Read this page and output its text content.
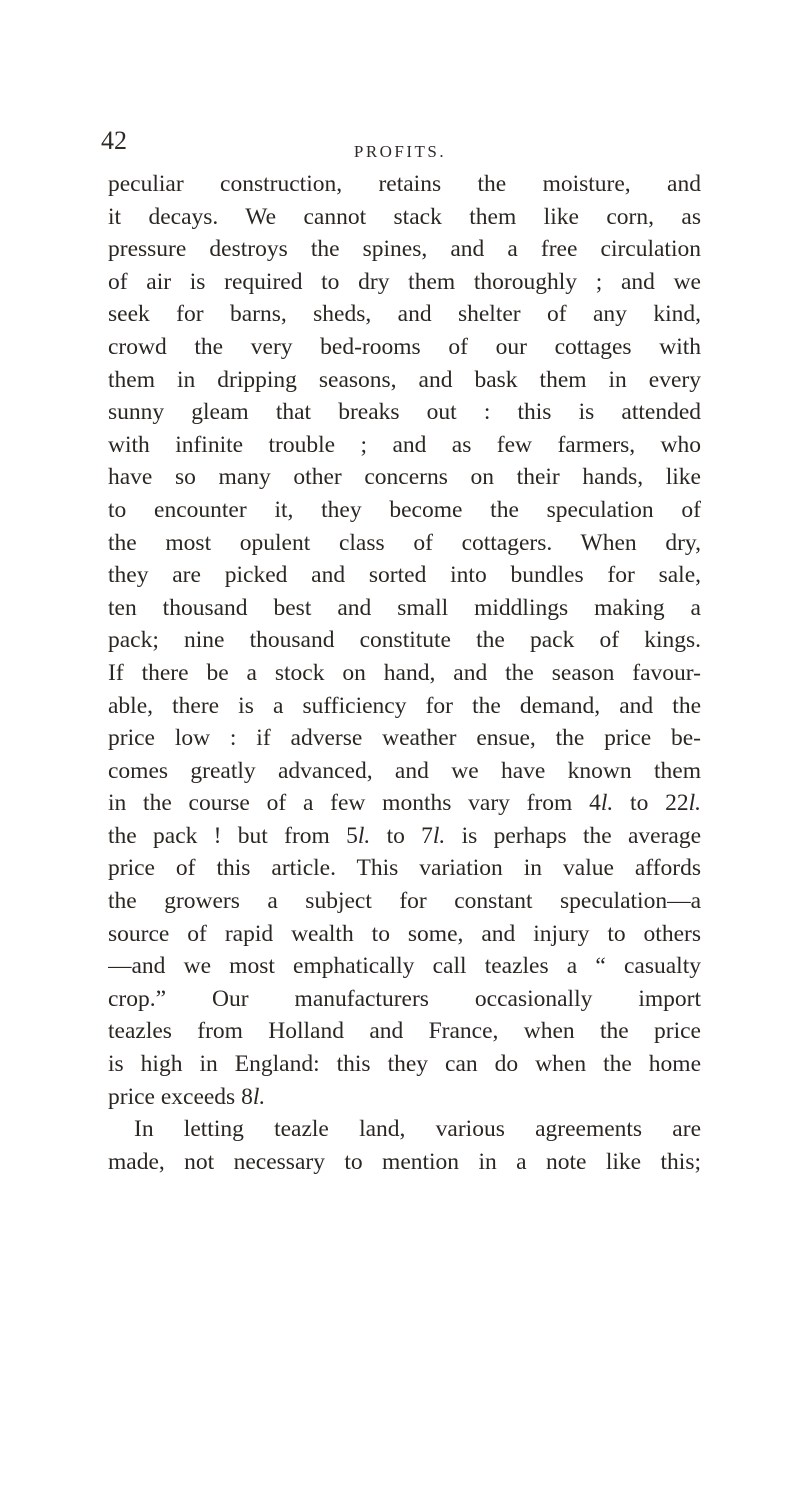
42	PROFITS.
peculiar construction, retains the moisture, and
it decays. We cannot stack them like corn, as
pressure destroys the spines, and a free circulation
of air is required to dry them thoroughly ; and we
seek for barns, sheds, and shelter of any kind,
crowd the very bed-rooms of our cottages with
them in dripping seasons, and bask them in every
sunny gleam that breaks out : this is attended
with infinite trouble ; and as few farmers, who
have so many other concerns on their hands, like
to encounter it, they become the speculation of
the most opulent class of cottagers. When dry,
they are picked and sorted into bundles for sale,
ten thousand best and small middlings making a
pack; nine thousand constitute the pack of kings.
If there be a stock on hand, and the season favour-
able, there is a sufficiency for the demand, and the
price low : if adverse weather ensue, the price be-
comes greatly advanced, and we have known them
in the course of a few months vary from 4l. to 22l.
the pack ! but from 5l. to 7l. is perhaps the average
price of this article. This variation in value affords
the growers a subject for constant speculation—a
source of rapid wealth to some, and injury to others
—and we most emphatically call teazles a “ casualty
crop.” Our manufacturers occasionally import
teazles from Holland and France, when the price
is high in England: this they can do when the home
price exceeds 8l.
In letting teazle land, various agreements are
made, not necessary to mention in a note like this;
